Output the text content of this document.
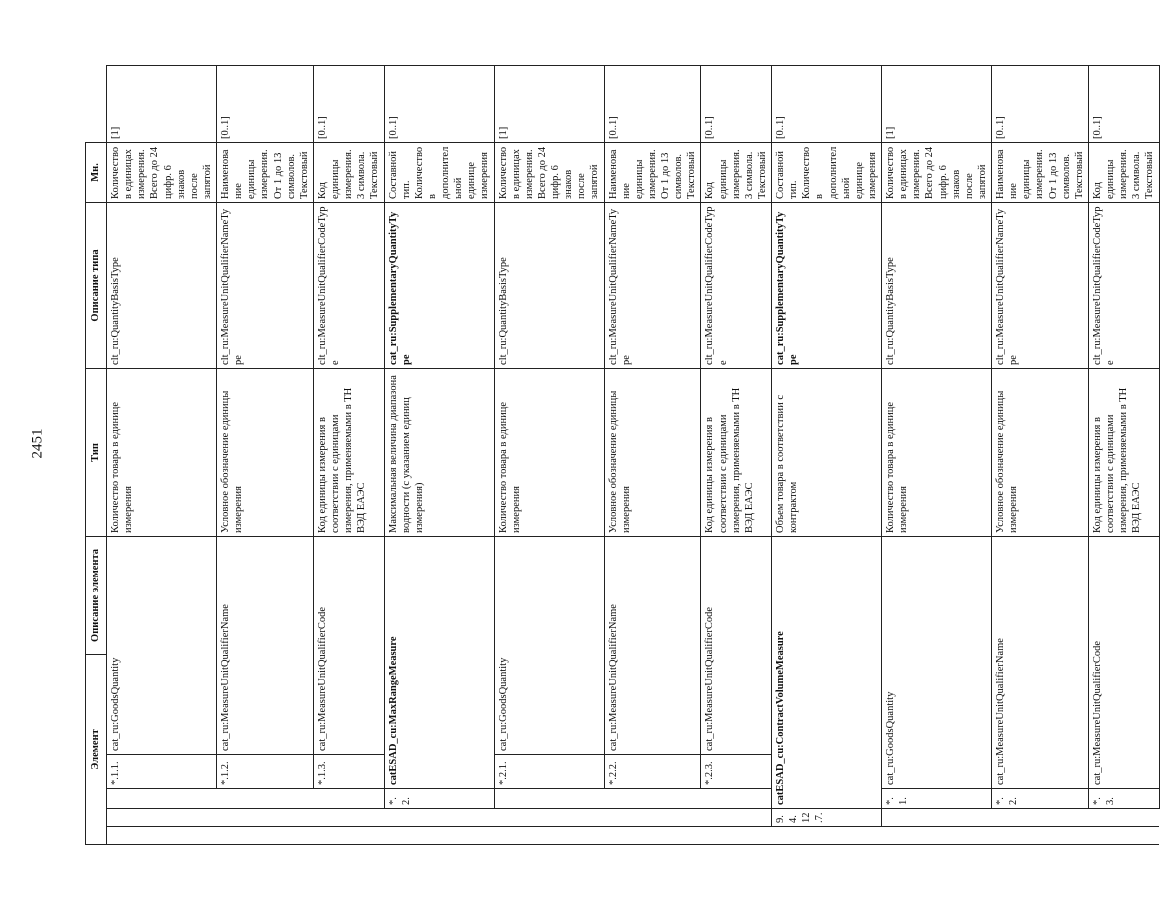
2451
Элемент					Описание элемента	Тип	Описание типа	Мн.	
			*.1.1.	cat_ru:GoodsQuantity		Количество товара в единице измерения	clt_ru:QuantityBasisType	Количество в единицах измерения. Всего до 24 цифр. 6 знаков после запятой	[1]
			*.1.2.	cat_ru:MeasureUnitQualifierName		Условное обозначение единицы измерения	clt_ru:MeasureUnitQualifierNameType	Наименование единицы измерения. От 1 до 13 символов. Текстовый	[0..1]
			*.1.3.	cat_ru:MeasureUnitQualifierCode		Код единицы измерения в соответствии с единицами измерения, применяемыми в ТН ВЭД ЕАЭС	clt_ru:MeasureUnitQualifierCodeType	Код единицы измерения. 3 символа. Текстовый	[0..1]
		*.2.	catESAD_cu:MaxRangeMeasure			Максимальная величина диапазона водности (с указанием единиц измерения)	cat_ru:SupplementaryQuantityType	Составной тип. Количество в дополнительной единице измерения	[0..1]
			*.2.1.	cat_ru:GoodsQuantity		Количество товара в единице измерения	clt_ru:QuantityBasisType	Количество в единицах измерения. Всего до 24 цифр. 6 знаков после запятой	[1]
			*.2.2.	cat_ru:MeasureUnitQualifierName		Условное обозначение единицы измерения	clt_ru:MeasureUnitQualifierNameType	Наименование единицы измерения. От 1 до 13 символов. Текстовый	[0..1]
			*.2.3.	cat_ru:MeasureUnitQualifierCode		Код единицы измерения в соответствии с единицами измерения, применяемыми в ТН ВЭД ЕАЭС	clt_ru:MeasureUnitQualifierCodeType	Код единицы измерения. 3 символа. Текстовый	[0..1]
	9.4.12.7.	catESAD_cu:ContractVolumeMeasure				Объем товара в соответствии с контрактом	cat_ru:SupplementaryQuantityType	Составной тип. Количество в дополнительной единице измерения	[0..1]
		*.1.	cat_ru:GoodsQuantity			Количество товара в единице измерения	clt_ru:QuantityBasisType	Количество в единицах измерения. Всего до 24 цифр. 6 знаков после запятой	[1]
		*.2.	cat_ru:MeasureUnitQualifierName			Условное обозначение единицы измерения	clt_ru:MeasureUnitQualifierNameType	Наименование единицы измерения. От 1 до 13 символов. Текстовый	[0..1]
		*.3.	cat_ru:MeasureUnitQualifierCode			Код единицы измерения в соответствии с единицами измерения, применяемыми в ТН ВЭД ЕАЭС	clt_ru:MeasureUnitQualifierCodeType	Код единицы измерения. 3 символа. Текстовый	[0..1]
